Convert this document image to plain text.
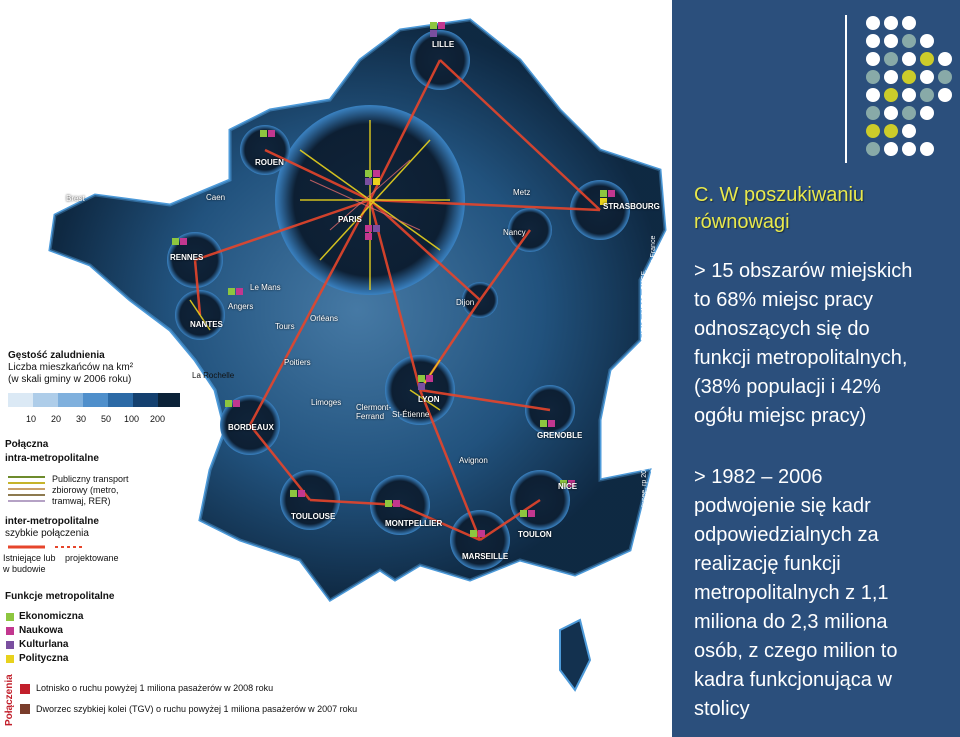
LILLE
ROUEN
Caen
Brest
PARIS
STRASBOURG
Nancy
RENNES
Le Mans
Metz
NANTES
Angers
Tours
Orléans
Dijon
La Rochelle
Poitiers
Limoges
Clermont-Ferrand
LYON
St-Étienne
BORDEAUX
GRENOBLE
Avignon
TOULOUSE
MONTPELLIER
MARSEILLE
TOULON
NICE	Source : Insee, rp 2006, DGAC, Union des aéroports français, DATAR, MESR, SNCF, Times Higher Education, Fortune, GaWC Research Bulletin 157, Réunion des Opéras de France Conception / Réalisation : Datar | Territoires • Karine Hurel • 2011
Gęstość zaludnienia
Liczba mieszkańców na km²
(w skali gminy w 2006 roku)
10 20 30 50 100 200
Połączna
intra-metropolitalne
Publiczny transport
zbiorowy (metro,
tramwaj, RER)
inter-metropolitalne
szybkie połączenia
Istniejące lub
w budowie
projektowane
Funkcje metropolitalne
Ekonomiczna
Naukowa
Kulturlana
Polityczna
Połączenia Lotnisko o ruchu powyżej 1 miliona pasażerów w 2008 roku
Dworzec szybkiej kolei (TGV) o ruchu powyżej 1 miliona pasażerów w 2007 roku
C. W poszukiwaniu
równowagi
> 15 obszarów miejskich
to 68% miejsc pracy
odnoszących się do
funkcji metropolitalnych,
(38% populacji i 42%
ogółu miejsc pracy)
> 1982 – 2006
podwojenie się kadr
odpowiedzialnych za
realizację funkcji
metropolitalnych z 1,1
miliona do 2,3 miliona
osób, z czego milion to
kadra funkcjonująca w
stolicy
